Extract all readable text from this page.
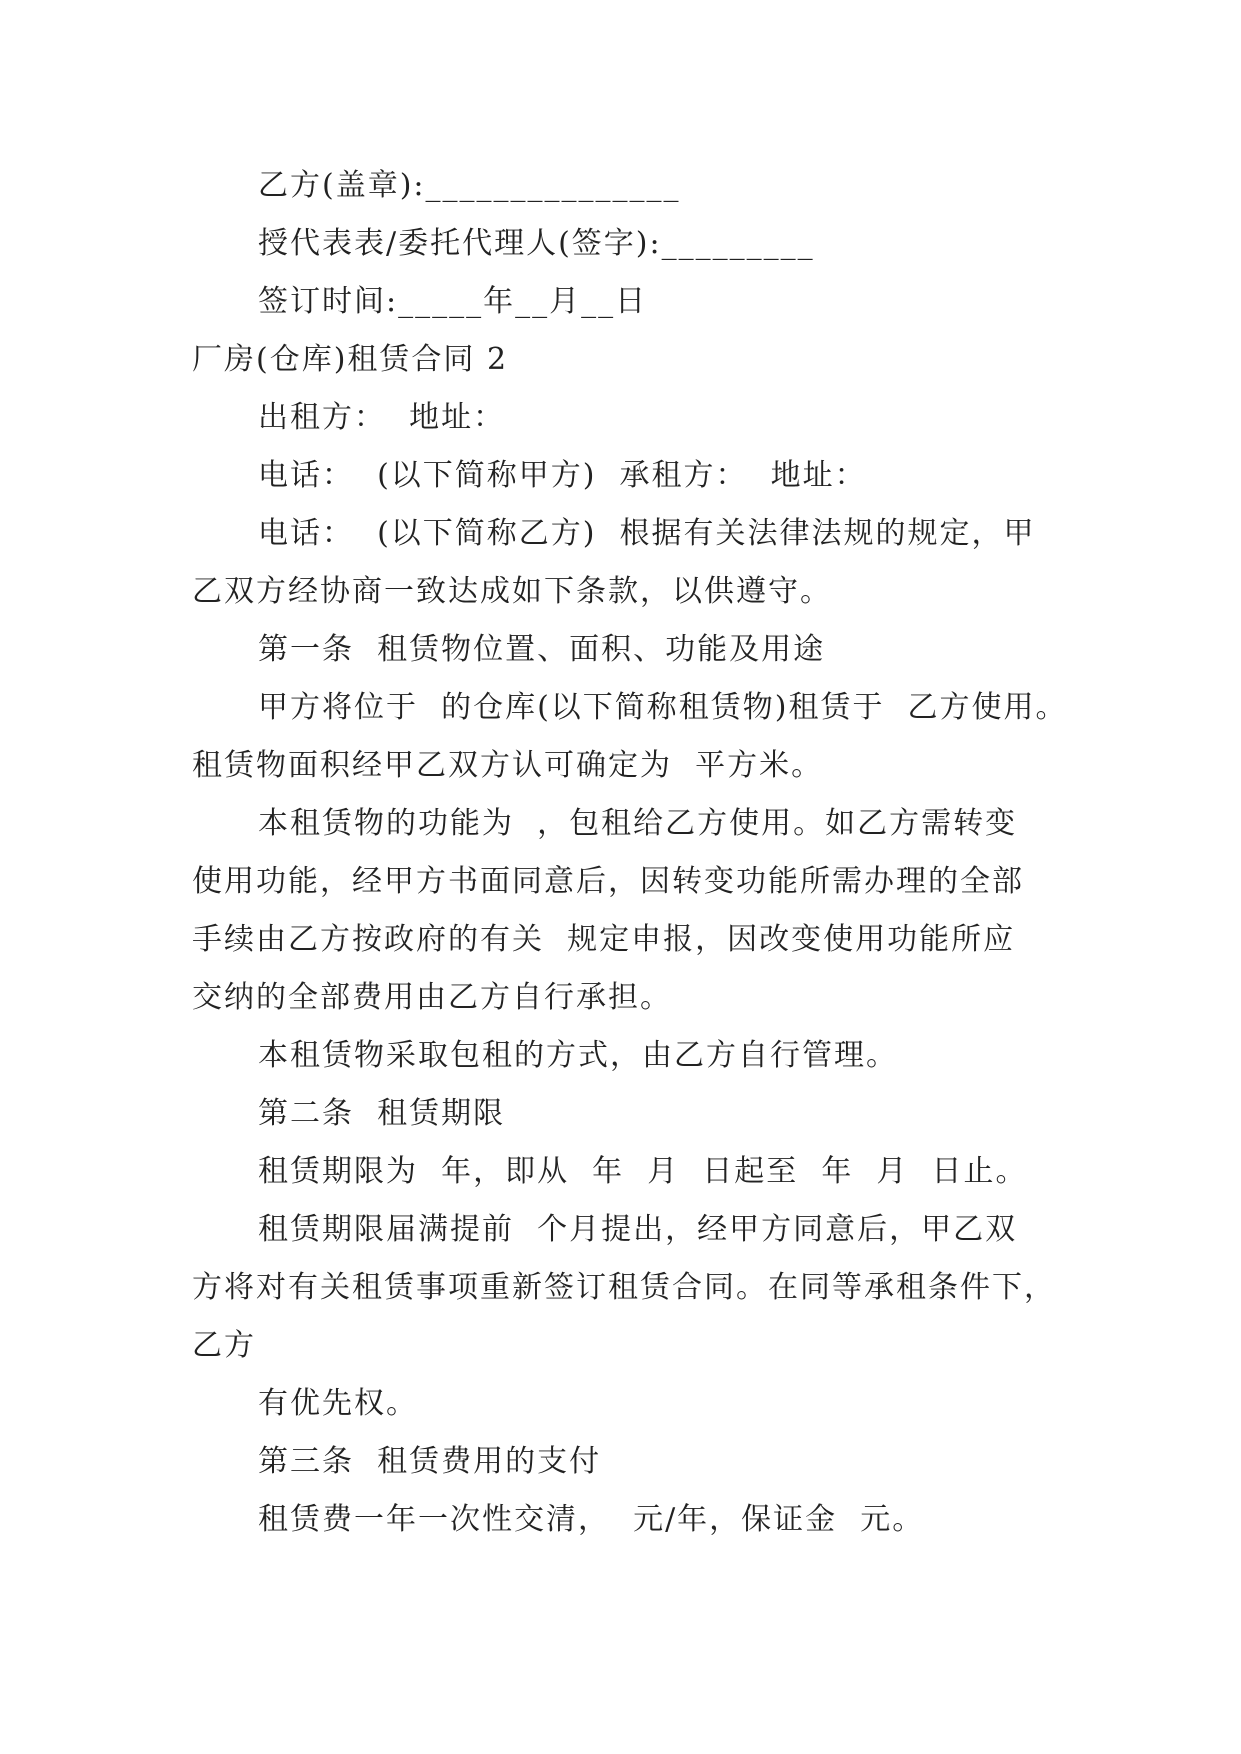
乙方(盖章):_______________
授代表表/委托代理人(签字):_________
签订时间:_____年__月__日
厂房(仓库)租赁合同 2
出租方：  地址：
电话：  (以下简称甲方)  承租方：  地址：
电话：  (以下简称乙方)  根据有关法律法规的规定，甲
乙双方经协商一致达成如下条款，以供遵守。
第一条  租赁物位置、面积、功能及用途
甲方将位于  的仓库(以下简称租赁物)租赁于  乙方使用。
租赁物面积经甲乙双方认可确定为  平方米。
本租赁物的功能为  ，包租给乙方使用。如乙方需转变
使用功能，经甲方书面同意后，因转变功能所需办理的全部
手续由乙方按政府的有关  规定申报，因改变使用功能所应
交纳的全部费用由乙方自行承担。
本租赁物采取包租的方式，由乙方自行管理。
第二条  租赁期限
租赁期限为  年，即从  年  月  日起至  年  月  日止。
租赁期限届满提前  个月提出，经甲方同意后，甲乙双
方将对有关租赁事项重新签订租赁合同。在同等承租条件下，
乙方
有优先权。
第三条  租赁费用的支付
租赁费一年一次性交清，  元/年，保证金  元。
